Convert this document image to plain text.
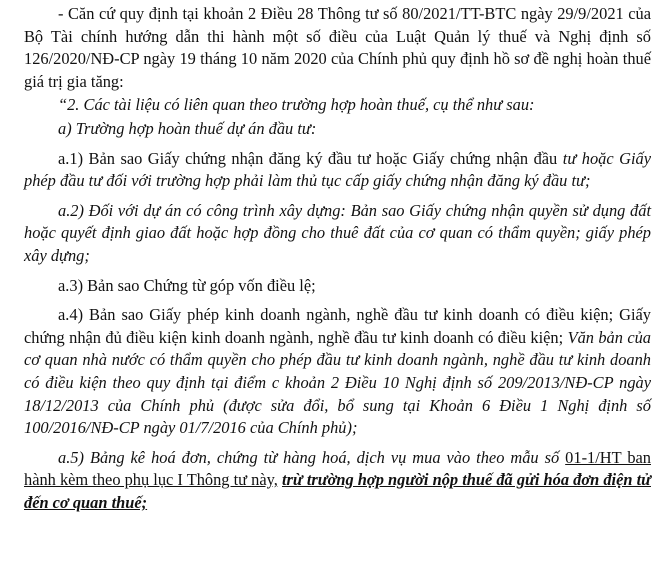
- Căn cứ quy định tại khoản 2 Điều 28 Thông tư số 80/2021/TT-BTC ngày 29/9/2021 của Bộ Tài chính hướng dẫn thi hành một số điều của Luật Quản lý thuế và Nghị định số 126/2020/NĐ-CP ngày 19 tháng 10 năm 2020 của Chính phủ quy định hồ sơ đề nghị hoàn thuế giá trị gia tăng:

“2. Các tài liệu có liên quan theo trường hợp hoàn thuế, cụ thể như sau:

a) Trường hợp hoàn thuế dự án đầu tư:

a.1) Bản sao Giấy chứng nhận đăng ký đầu tư hoặc Giấy chứng nhận đầu tư hoặc Giấy phép đầu tư đối với trường hợp phải làm thủ tục cấp giấy chứng nhận đăng ký đầu tư;

a.2) Đối với dự án có công trình xây dựng: Bản sao Giấy chứng nhận quyền sử dụng đất hoặc quyết định giao đất hoặc hợp đồng cho thuê đất của cơ quan có thẩm quyền; giấy phép xây dựng;

a.3) Bản sao Chứng từ góp vốn điều lệ;

a.4) Bản sao Giấy phép kinh doanh ngành, nghề đầu tư kinh doanh có điều kiện; Giấy chứng nhận đủ điều kiện kinh doanh ngành, nghề đầu tư kinh doanh có điều kiện; Văn bản của cơ quan nhà nước có thẩm quyền cho phép đầu tư kinh doanh ngành, nghề đầu tư kinh doanh có điều kiện theo quy định tại điểm c khoản 2 Điều 10 Nghị định số 209/2013/NĐ-CP ngày 18/12/2013 của Chính phủ (được sửa đổi, bổ sung tại Khoản 6 Điều 1 Nghị định số 100/2016/NĐ-CP ngày 01/7/2016 của Chính phủ);

a.5) Bảng kê hoá đơn, chứng từ hàng hoá, dịch vụ mua vào theo mẫu số 01-1/HT ban hành kèm theo phụ lục I Thông tư này, trừ trường hợp người nộp thuế đã gửi hóa đơn điện tử đến cơ quan thuế;
